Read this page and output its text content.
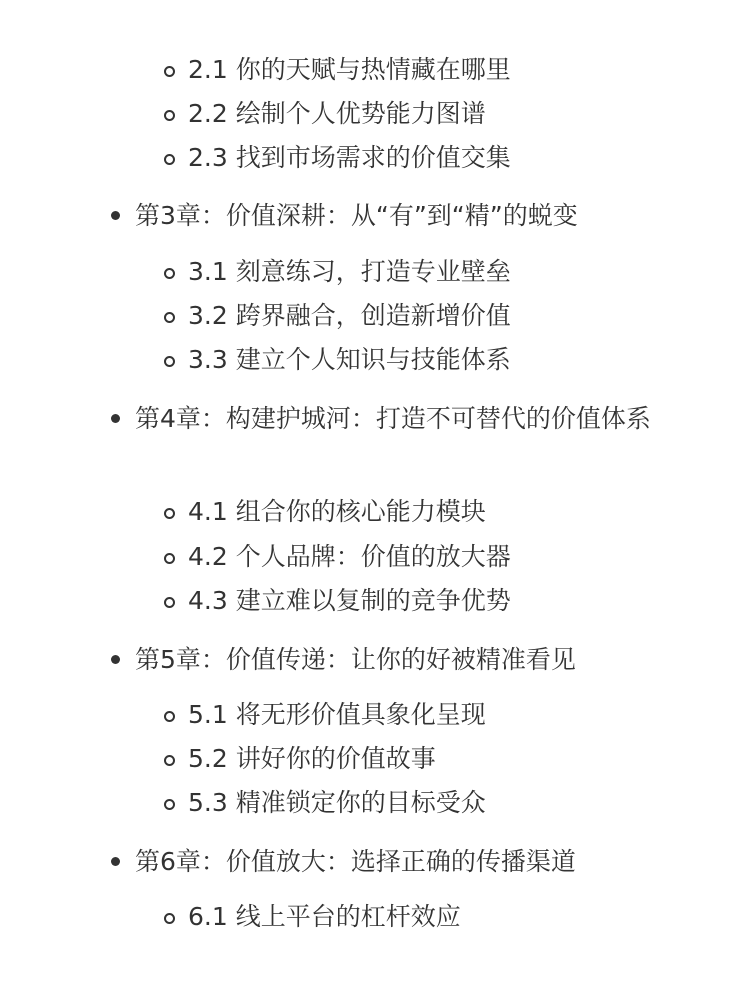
2.1 你的天赋与热情藏在哪里
2.2 绘制个人优势能力图谱
2.3 找到市场需求的价值交集
第3章：价值深耕：从“有”到“精”的蜕变
3.1 刻意练习，打造专业壁垒
3.2 跨界融合，创造新增价值
3.3 建立个人知识与技能体系
第4章：构建护城河：打造不可替代的价值体系
4.1 组合你的核心能力模块
4.2 个人品牌：价值的放大器
4.3 建立难以复制的竞争优势
第5章：价值传递：让你的好被精准看见
5.1 将无形价值具象化呈现
5.2 讲好你的价值故事
5.3 精准锁定你的目标受众
第6章：价值放大：选择正确的传播渠道
6.1 线上平台的杠杆效应
